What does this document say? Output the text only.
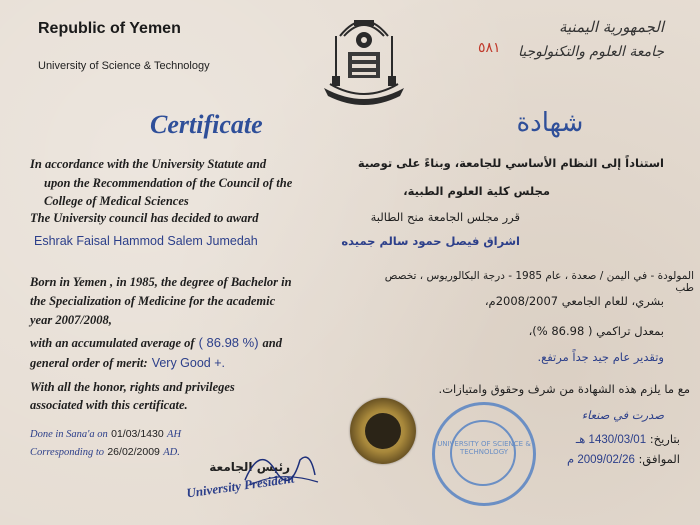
Republic of Yemen
University of Science & Technology
الجمهورية اليمنية
جامعة العلوم والتكنولوجيا
٥٨١
Certificate	شهادة
In accordance with the University Statute and
upon the Recommendation of the Council of the
College of Medical Sciences
The University council has decided to award
Eshrak Faisal Hammod Salem Jumedah
Born in Yemen , in 1985, the degree of Bachelor in
the Specialization of Medicine for the academic
year 2007/2008,
with an accumulated average of ( 86.98 %) and
general order of merit: Very Good +.
With all the honor, rights and privileges
associated with this certificate.
Done in Sana'a on 01/03/1430 AH
Corresponding to 26/02/2009 AD.
رئيس الجامعة
University President
UNIVERSITY OF SCIENCE & TECHNOLOGY
استناداً إلى النظام الأساسي للجامعة، وبناءً على توصية
مجلس كلية العلوم الطبية،
قرر مجلس الجامعة منح الطالبة
اشراق فيصل حمود سالم جميده
المولودة - في اليمن / صعدة ، عام 1985 - درجة البكالوريوس ، تخصص طب
بشري، للعام الجامعي 2008/2007م،
بمعدل تراكمي ( 86.98 %)،
وتقدير عام جيد جداً مرتفع.
مع ما يلزم هذه الشهادة من شرف وحقوق وامتيازات.
صدرت في صنعاء
بتاريخ: 1430/03/01 هـ
الموافق: 2009/02/26 م
